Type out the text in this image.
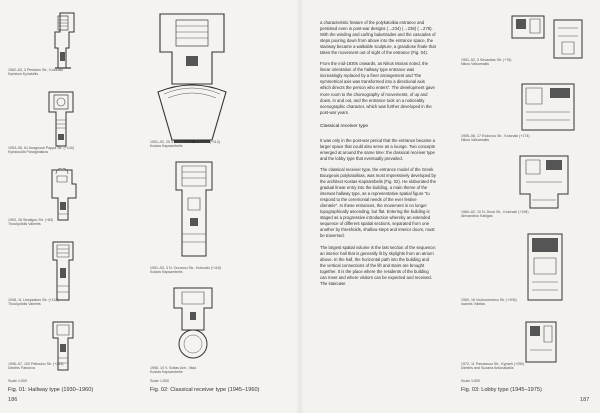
1962–63, 3 Pleiadon Str., Kolonaki
Kyriakos Kyriakidis
1953–55, 61 Anagnosti Pappa Str. (+140)
Kyriakoulis Panagiotakos
1953, 28 Stratigou Str. (+83)
Thoukydidis Valentis
1948, 11 Lampsakos Str. (+118)
Thoukydidis Valentis
1956–57, 100 Patission Str. (+244)
Dimitris Fatouros
Scale 1:500
Fig. 01: Hallway type (1930–1960)
1951–52, 25 V. Sofias Ave., Kolonaki (+113)
Kostas Kapsambelis
1951–53, 3 N. Ouranou Str., Kolonaki (+118)
Kostas Kapsambelis
1956, 10 V. Sofias Ave., Ilisia
Kostas Kapsambelis
Scale 1:500
Fig. 02: Classical receiver type (1945–1960)
186

a characteristic feature of the polykatoikia entrance and persisted even in post-war designs (→234) (→238) (→278). With the winding and curling balustrades and the cascades of steps pouring down from above into the entrance space, the stairway became a walkable sculpture, a grandiose finale that takes the movement out of sight of the entrance (Fig. 04).

From the mid-1930s onwards, as Nikos Moiras noted, the linear orientation of the hallway type entrance was increasingly replaced by a freer arrangement and "the symmetrical axis was transformed into a directional axis which directs the person who enters". The development gave more room to the choreography of movements, of up and down, in and out, and the entrance took on a noticeably scenographic character, which was further developed in the post-war years.

Classical receiver type

It was only in the post-war period that the entrance became a larger space that could also serve as a lounge. Two concepts emerged at around the same time: the classical receiver type and the lobby type that eventually prevailed.

The classical receiver type, the entrance model of the Greek Bourgeois polykatoikias, was most impressively developed by the architect Kostas Kapsambelis (Fig. 02). He elaborated the gradual linear entry into the building, a main theme of the interwar hallway type, as a representative spatial figure "to respond to the ceremonial needs of the ever festive clientele". In these entrances, the movement is no longer topographically ascending, but flat. Entering the building is staged as a progressive introduction whereby an extended sequence of different spatial sections, separated from one another by thresholds, shallow steps and interior doors, must be traversed.

The largest spatial volume is the last section of the sequence: an interior hall that is generally lit by skylights from an atrium above. In the hall, the horizontal path into the building and the vertical connections of the lift and stairs are brought together. It is the place where the residents of the building can meet and where visitors can be expected and received. The staircase

1951–52, 5 Sevastias Str. (+76)
Nikos Valsamakis
1955–56, 17 Evdoxou Str., Kolonaki (+174)
Nikos Valsamakis
1960–62, 10 N. Drosi Str., Kolonaki (+198)
Alexandros Kalligas
1960, 16 Voukourestiou Str. (+206)
Ioannis Vikelas
1972, 11 Parnassou Str., Kypseli (+250)
Dimitris and Suzana Antonakakis
Scale 1:500
Fig. 03: Lobby type (1945–1975)
187
